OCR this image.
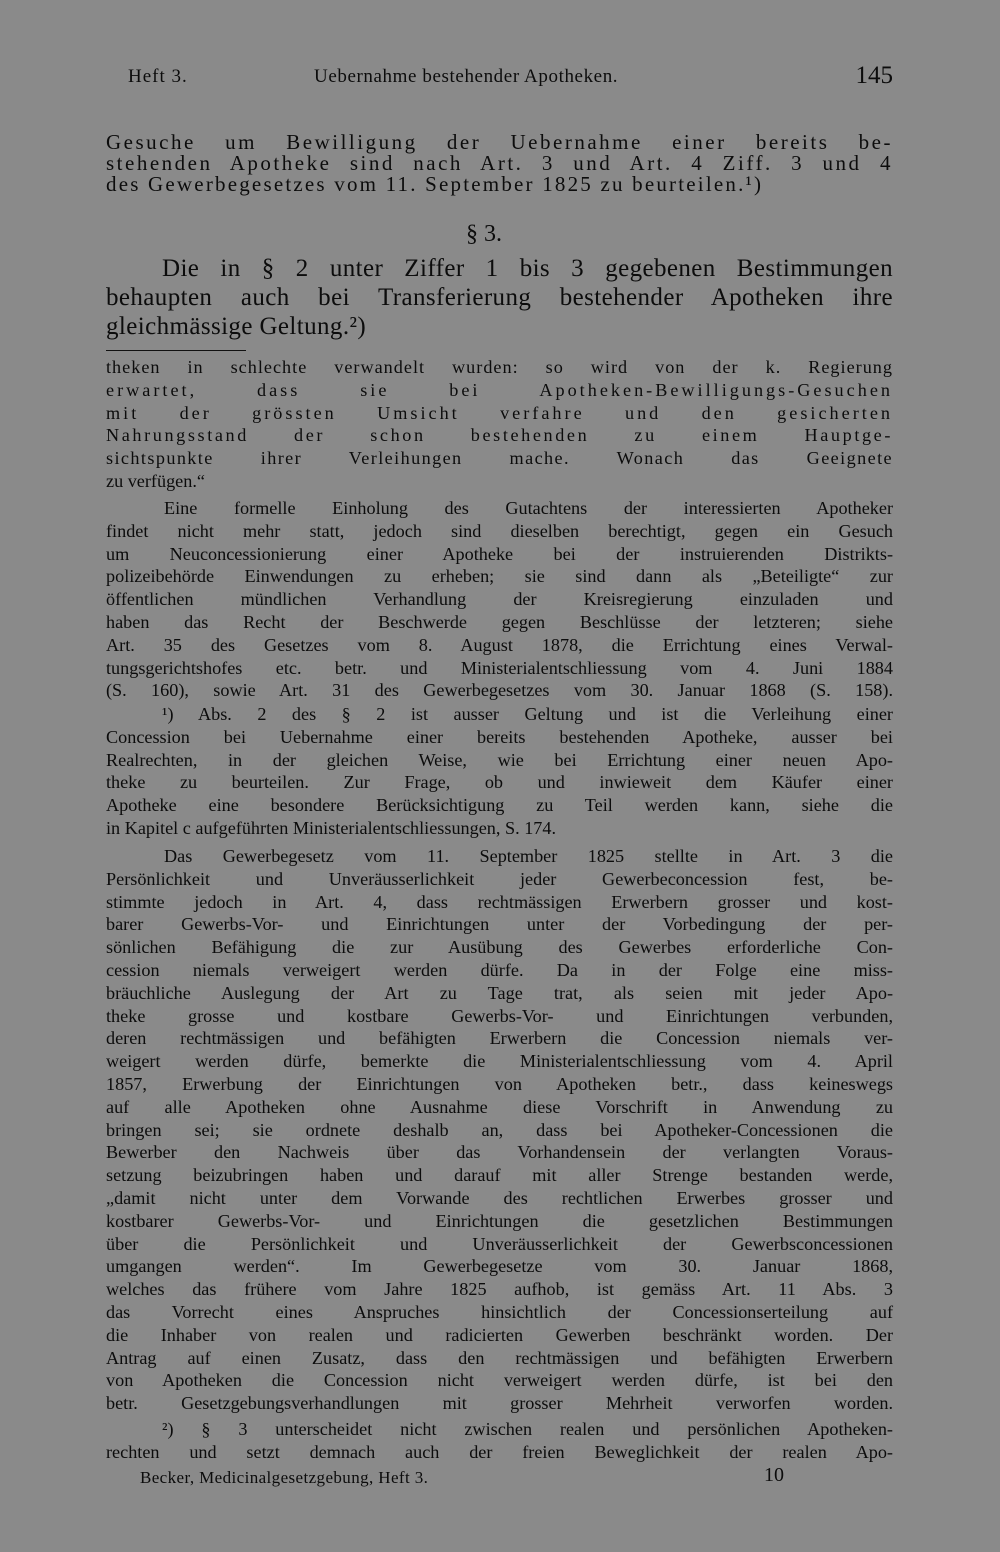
Heft 3.	Uebernahme bestehender Apotheken.	145

Gesuche um Bewilligung der Uebernahme einer bereits be-
stehenden Apotheke sind nach Art. 3 und Art. 4 Ziff. 3 und 4
des Gewerbegesetzes vom 11. September 1825 zu beurteilen.¹)

§ 3.

Die in § 2 unter Ziffer 1 bis 3 gegebenen Bestimmungen
behaupten auch bei Transferierung bestehender Apotheken ihre
gleichmässige Geltung.²)

theken in schlechte verwandelt wurden: so wird von der k. Regierung
erwartet, dass sie bei Apotheken-Bewilligungs-Gesuchen
mit der grössten Umsicht verfahre und den gesicherten
Nahrungsstand der schon bestehenden zu einem Hauptge-
sichtspunkte ihrer Verleihungen mache. Wonach das Geeignete
zu verfügen.“

Eine formelle Einholung des Gutachtens der interessierten Apotheker
findet nicht mehr statt, jedoch sind dieselben berechtigt, gegen ein Gesuch
um Neuconcessionierung einer Apotheke bei der instruierenden Distrikts-
polizeibehörde Einwendungen zu erheben; sie sind dann als „Beteiligte“ zur
öffentlichen mündlichen Verhandlung der Kreisregierung einzuladen und
haben das Recht der Beschwerde gegen Beschlüsse der letzteren; siehe
Art. 35 des Gesetzes vom 8. August 1878, die Errichtung eines Verwal-
tungsgerichtshofes etc. betr. und Ministerialentschliessung vom 4. Juni 1884
(S. 160), sowie Art. 31 des Gewerbegesetzes vom 30. Januar 1868 (S. 158).

¹) Abs. 2 des § 2 ist ausser Geltung und ist die Verleihung einer
Concession bei Uebernahme einer bereits bestehenden Apotheke, ausser bei
Realrechten, in der gleichen Weise, wie bei Errichtung einer neuen Apo-
theke zu beurteilen. Zur Frage, ob und inwieweit dem Käufer einer
Apotheke eine besondere Berücksichtigung zu Teil werden kann, siehe die
in Kapitel c aufgeführten Ministerialentschliessungen, S. 174.

Das Gewerbegesetz vom 11. September 1825 stellte in Art. 3 die
Persönlichkeit und Unveräusserlichkeit jeder Gewerbeconcession fest, be-
stimmte jedoch in Art. 4, dass rechtmässigen Erwerbern grosser und kost-
barer Gewerbs-Vor- und Einrichtungen unter der Vorbedingung der per-
sönlichen Befähigung die zur Ausübung des Gewerbes erforderliche Con-
cession niemals verweigert werden dürfe. Da in der Folge eine miss-
bräuchliche Auslegung der Art zu Tage trat, als seien mit jeder Apo-
theke grosse und kostbare Gewerbs-Vor- und Einrichtungen verbunden,
deren rechtmässigen und befähigten Erwerbern die Concession niemals ver-
weigert werden dürfe, bemerkte die Ministerialentschliessung vom 4. April
1857, Erwerbung der Einrichtungen von Apotheken betr., dass keineswegs
auf alle Apotheken ohne Ausnahme diese Vorschrift in Anwendung zu
bringen sei; sie ordnete deshalb an, dass bei Apotheker-Concessionen die
Bewerber den Nachweis über das Vorhandensein der verlangten Voraus-
setzung beizubringen haben und darauf mit aller Strenge bestanden werde,
„damit nicht unter dem Vorwande des rechtlichen Erwerbes grosser und
kostbarer Gewerbs-Vor- und Einrichtungen die gesetzlichen Bestimmungen
über die Persönlichkeit und Unveräusserlichkeit der Gewerbsconcessionen
umgangen werden“. Im Gewerbegesetze vom 30. Januar 1868,
welches das frühere vom Jahre 1825 aufhob, ist gemäss Art. 11 Abs. 3
das Vorrecht eines Anspruches hinsichtlich der Concessionserteilung auf
die Inhaber von realen und radicierten Gewerben beschränkt worden. Der
Antrag auf einen Zusatz, dass den rechtmässigen und befähigten Erwerbern
von Apotheken die Concession nicht verweigert werden dürfe, ist bei den
betr. Gesetzgebungsverhandlungen mit grosser Mehrheit verworfen worden.

²) § 3 unterscheidet nicht zwischen realen und persönlichen Apotheken-
rechten und setzt demnach auch der freien Beweglichkeit der realen Apo-

Becker, Medicinalgesetzgebung, Heft 3.	10
